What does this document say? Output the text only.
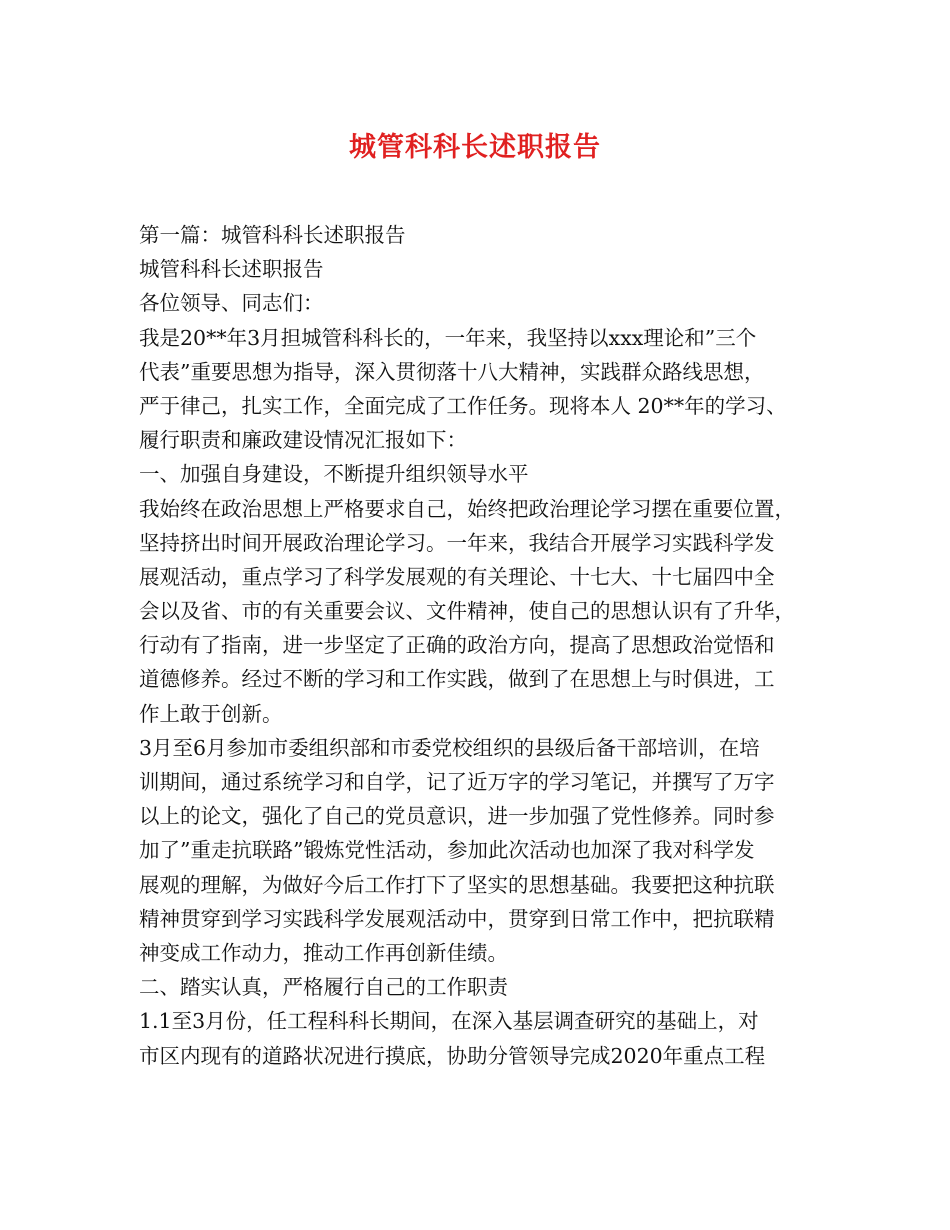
城管科科长述职报告
第一篇：城管科科长述职报告
城管科科长述职报告
各位领导、同志们：
我是20**年3月担城管科科长的，一年来，我坚持以xxx理论和”三个
代表”重要思想为指导，深入贯彻落十八大精神，实践群众路线思想，
严于律己，扎实工作，全面完成了工作任务。现将本人 20**年的学习、
履行职责和廉政建设情况汇报如下：
一、加强自身建设，不断提升组织领导水平
我始终在政治思想上严格要求自己，始终把政治理论学习摆在重要位置，
坚持挤出时间开展政治理论学习。一年来，我结合开展学习实践科学发
展观活动，重点学习了科学发展观的有关理论、十七大、十七届四中全
会以及省、市的有关重要会议、文件精神，使自己的思想认识有了升华，
行动有了指南，进一步坚定了正确的政治方向，提高了思想政治觉悟和
道德修养。经过不断的学习和工作实践，做到了在思想上与时俱进，工
作上敢于创新。
3月至6月参加市委组织部和市委党校组织的县级后备干部培训，在培
训期间，通过系统学习和自学，记了近万字的学习笔记，并撰写了万字
以上的论文，强化了自己的党员意识，进一步加强了党性修养。同时参
加了”重走抗联路”锻炼党性活动，参加此次活动也加深了我对科学发
展观的理解，为做好今后工作打下了坚实的思想基础。我要把这种抗联
精神贯穿到学习实践科学发展观活动中，贯穿到日常工作中，把抗联精
神变成工作动力，推动工作再创新佳绩。
二、踏实认真，严格履行自己的工作职责
1.1至3月份，任工程科科长期间，在深入基层调查研究的基础上，对
市区内现有的道路状况进行摸底，协助分管领导完成2020年重点工程
